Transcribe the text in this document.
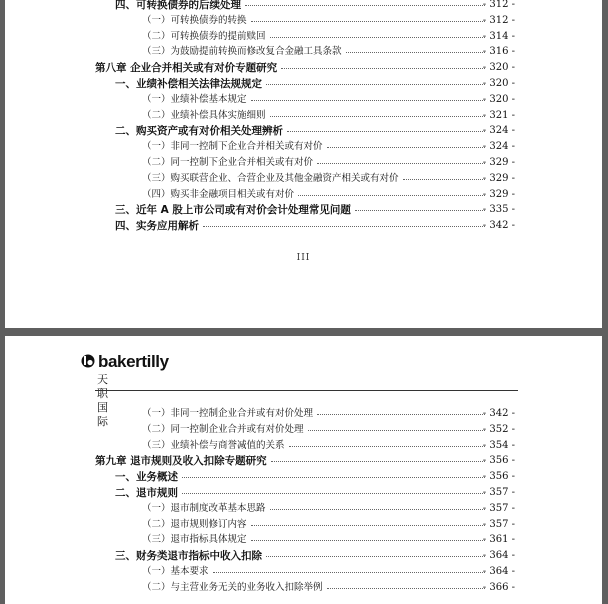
四、可转换债券的后续处理	- 312 -
（一）可转换债券的转换	- 312 -
（二）可转换债券的提前赎回	- 314 -
（三）为鼓励提前转换而修改复合金融工具条款	- 316 -
第八章 企业合并相关或有对价专题研究	- 320 -
一、业绩补偿相关法律法规规定	- 320 -
（一）业绩补偿基本规定	- 320 -
（二）业绩补偿具体实施细则	- 321 -
二、购买资产或有对价相关处理辨析	- 324 -
（一）非同一控制下企业合并相关或有对价	- 324 -
（二）同一控制下企业合并相关或有对价	- 329 -
（三）购买联营企业、合营企业及其他金融资产相关或有对价	- 329 -
（四）购买非金融项目相关或有对价	- 329 -
三、近年 A 股上市公司或有对价会计处理常见问题	- 335 -
四、实务应用解析	- 342 -
III
bakertilly
天职国际
（一）非同一控制企业合并或有对价处理	- 342 -
（二）同一控制企业合并或有对价处理	- 352 -
（三）业绩补偿与商誉减值的关系	- 354 -
第九章 退市规则及收入扣除专题研究	- 356 -
一、业务概述	- 356 -
二、退市规则	- 357 -
（一）退市制度改革基本思路	- 357 -
（二）退市规则修订内容	- 357 -
（三）退市指标具体规定	- 361 -
三、财务类退市指标中收入扣除	- 364 -
（一）基本要求	- 364 -
（二）与主营业务无关的业务收入扣除举例	- 366 -
